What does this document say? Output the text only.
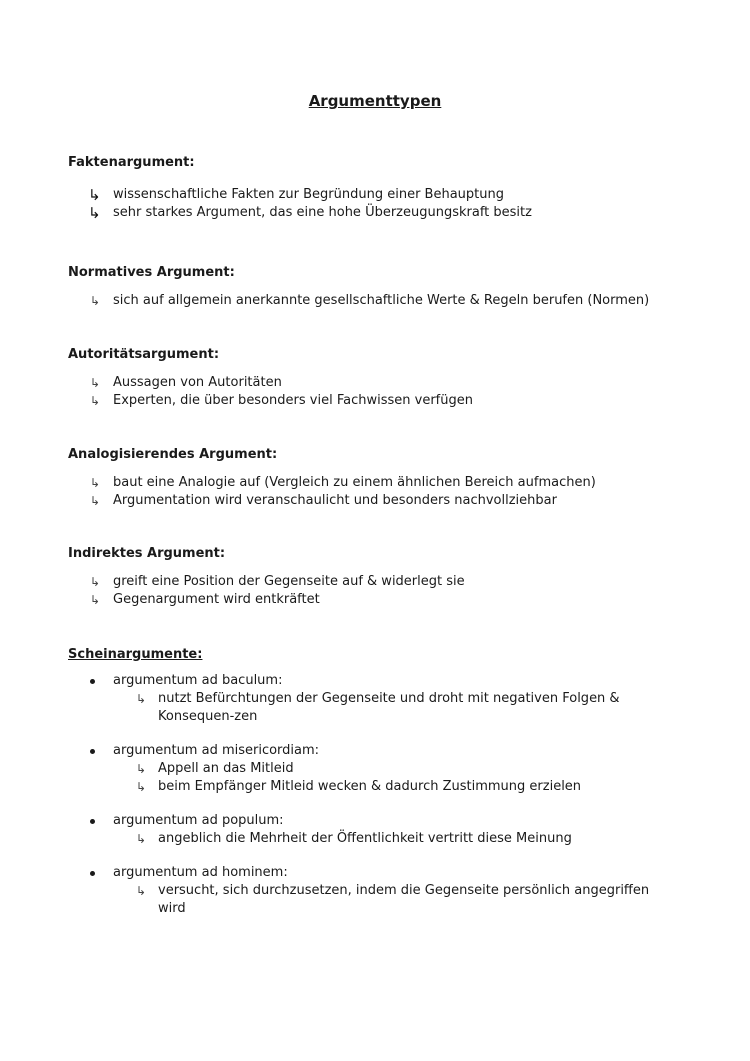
Argumenttypen
Faktenargument:
↳ wissenschaftliche Fakten zur Begründung einer Behauptung
↳ sehr starkes Argument, das eine hohe Überzeugungskraft besitz
Normatives Argument:
↳ sich auf allgemein anerkannte gesellschaftliche Werte & Regeln berufen (Normen)
Autoritätsargument:
↳ Aussagen von Autoritäten
↳ Experten, die über besonders viel Fachwissen verfügen
Analogisierendes Argument:
↳ baut eine Analogie auf (Vergleich zu einem ähnlichen Bereich aufmachen)
↳ Argumentation wird veranschaulicht und besonders nachvollziehbar
Indirektes Argument:
↳ greift eine Position der Gegenseite auf & widerlegt sie
↳ Gegenargument wird entkräftet
Scheinargumente:
argumentum ad baculum:
↳ nutzt Befürchtungen der Gegenseite und droht mit negativen Folgen & Konsequen-zen
argumentum ad misericordiam:
↳ Appell an das Mitleid
↳ beim Empfänger Mitleid wecken & dadurch Zustimmung erzielen
argumentum ad populum:
↳ angeblich die Mehrheit der Öffentlichkeit vertritt diese Meinung
argumentum ad hominem:
↳ versucht, sich durchzusetzen, indem die Gegenseite persönlich angegriffen wird
